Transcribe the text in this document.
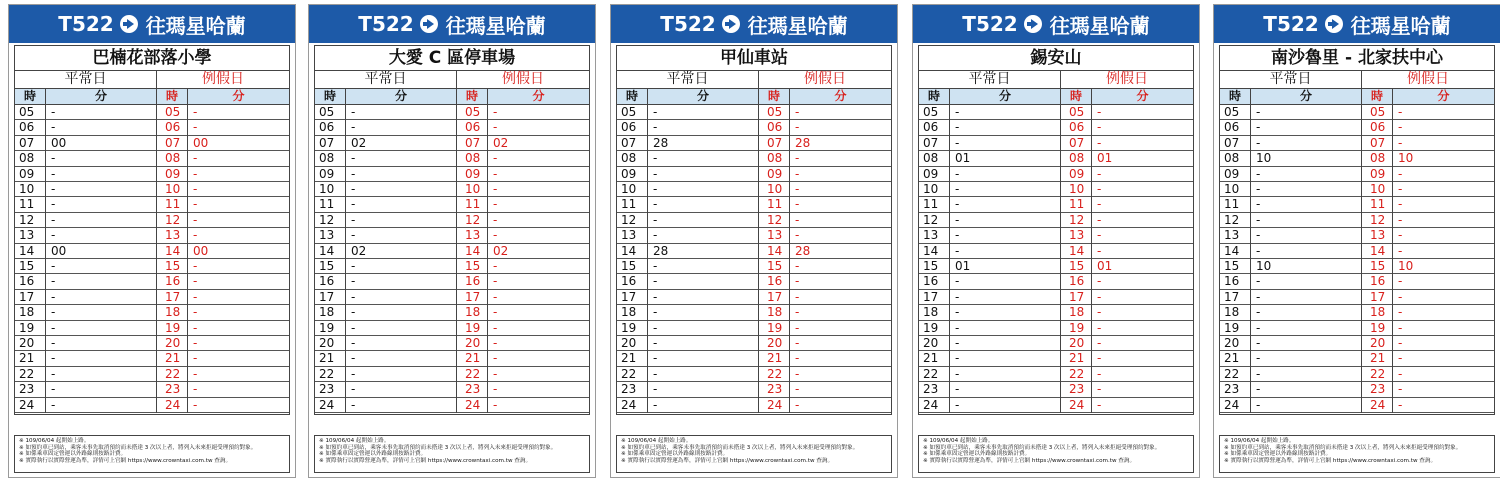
T522 往瑪星哈蘭
巴楠花部落小學
平常日	例假日
時	分	時	分
05 -	05 -
06 -	06 -
07 00	07 00
08 -	08 -
09 -	09 -
10 -	10 -
11 -	11 -
12 -	12 -
13 -	13 -
14 00	14 00
15 -	15 -
16 -	16 -
17 -	17 -
18 -	18 -
19 -	19 -
20 -	20 -
21 -	21 -
22 -	22 -
23 -	23 -
24 -	24 -
※ 109/06/04 起開始上路。
※ 如預約車已到站，乘客未事先取消預約而未搭達 3 次以上者，將列入未來拒絕受理預約對象。
※ 如係乘車固定營運以外路線則按路計費。
※ 實際執行以實際營運為準，詳情可上官網 https://www.crowntaxi.com.tw 查詢。
T522 往瑪星哈蘭
大愛 C 區停車場
平常日	例假日
時	分	時	分
05 -	05 -
06 -	06 -
07 02	07 02
08 -	08 -
09 -	09 -
10 -	10 -
11 -	11 -
12 -	12 -
13 -	13 -
14 02	14 02
15 -	15 -
16 -	16 -
17 -	17 -
18 -	18 -
19 -	19 -
20 -	20 -
21 -	21 -
22 -	22 -
23 -	23 -
24 -	24 -
※ 109/06/04 起開始上路。
※ 如預約車已到站，乘客未事先取消預約而未搭達 3 次以上者，將列入未來拒絕受理預約對象。
※ 如係乘車固定營運以外路線則按路計費。
※ 實際執行以實際營運為準，詳情可上官網 https://www.crowntaxi.com.tw 查詢。
T522 往瑪星哈蘭
甲仙車站
平常日	例假日
時	分	時	分
05 -	05 -
06 -	06 -
07 28	07 28
08 -	08 -
09 -	09 -
10 -	10 -
11 -	11 -
12 -	12 -
13 -	13 -
14 28	14 28
15 -	15 -
16 -	16 -
17 -	17 -
18 -	18 -
19 -	19 -
20 -	20 -
21 -	21 -
22 -	22 -
23 -	23 -
24 -	24 -
※ 109/06/04 起開始上路。
※ 如預約車已到站，乘客未事先取消預約而未搭達 3 次以上者，將列入未來拒絕受理預約對象。
※ 如係乘車固定營運以外路線則按路計費。
※ 實際執行以實際營運為準，詳情可上官網 https://www.crowntaxi.com.tw 查詢。
T522 往瑪星哈蘭
錫安山
平常日	例假日
時	分	時	分
05 -	05 -
06 -	06 -
07 -	07 -
08 01	08 01
09 -	09 -
10 -	10 -
11 -	11 -
12 -	12 -
13 -	13 -
14 -	14 -
15 01	15 01
16 -	16 -
17 -	17 -
18 -	18 -
19 -	19 -
20 -	20 -
21 -	21 -
22 -	22 -
23 -	23 -
24 -	24 -
※ 109/06/04 起開始上路。
※ 如預約車已到站，乘客未事先取消預約而未搭達 3 次以上者，將列入未來拒絕受理預約對象。
※ 如係乘車固定營運以外路線則按路計費。
※ 實際執行以實際營運為準，詳情可上官網 https://www.crowntaxi.com.tw 查詢。
T522 往瑪星哈蘭
南沙魯里 - 北家扶中心
平常日	例假日
時	分	時	分
05 -	05 -
06 -	06 -
07 -	07 -
08 10	08 10
09 -	09 -
10 -	10 -
11 -	11 -
12 -	12 -
13 -	13 -
14 -	14 -
15 10	15 10
16 -	16 -
17 -	17 -
18 -	18 -
19 -	19 -
20 -	20 -
21 -	21 -
22 -	22 -
23 -	23 -
24 -	24 -
※ 109/06/04 起開始上路。
※ 如預約車已到站，乘客未事先取消預約而未搭達 3 次以上者，將列入未來拒絕受理預約對象。
※ 如係乘車固定營運以外路線則按路計費。
※ 實際執行以實際營運為準，詳情可上官網 https://www.crowntaxi.com.tw 查詢。
